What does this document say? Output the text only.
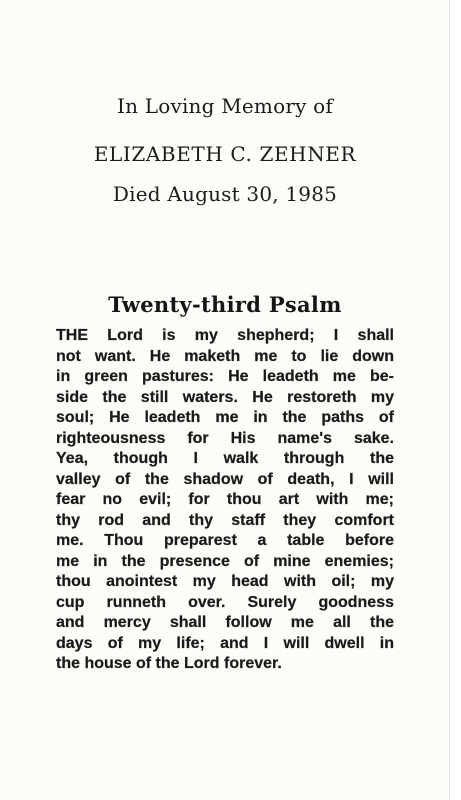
In Loving Memory of

ELIZABETH C. ZEHNER

Died August 30, 1985

Twenty-third Psalm
THE Lord is my shepherd; I shall
not want. He maketh me to lie down
in green pastures: He leadeth me be-
side the still waters. He restoreth my
soul; He leadeth me in the paths of
righteousness for His name's sake.
Yea, though I walk through the
valley of the shadow of death, I will
fear no evil; for thou art with me;
thy rod and thy staff they comfort
me. Thou preparest a table before
me in the presence of mine enemies;
thou anointest my head with oil; my
cup runneth over. Surely goodness
and mercy shall follow me all the
days of my life; and I will dwell in
the house of the Lord forever.
